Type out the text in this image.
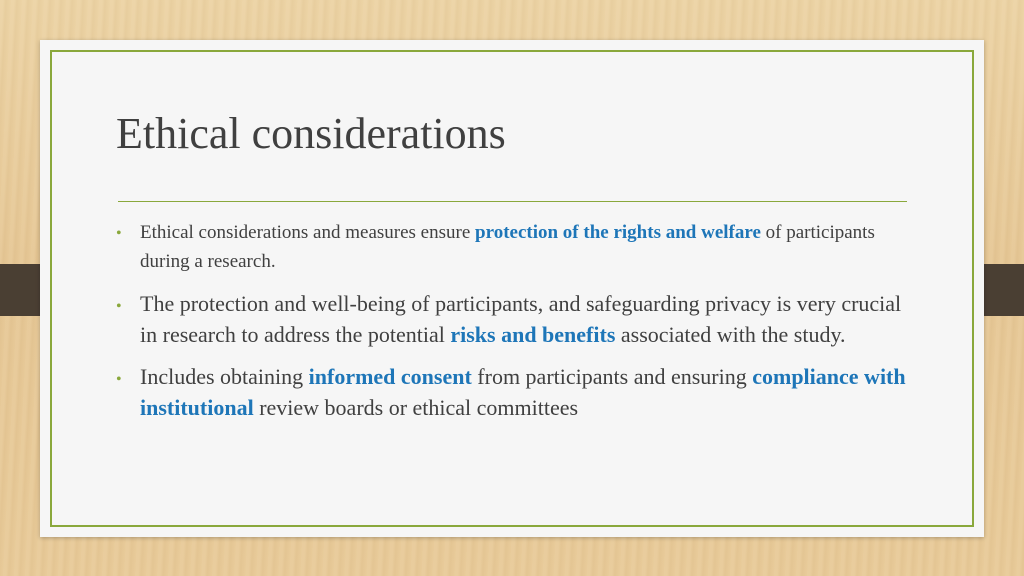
Ethical considerations
• Ethical considerations and measures ensure protection of the rights and welfare of participants during a research.
• The protection and well-being of participants, and safeguarding privacy is very crucial in research to address the potential risks and benefits associated with the study.
• Includes obtaining informed consent from participants and ensuring compliance with institutional review boards or ethical committees
